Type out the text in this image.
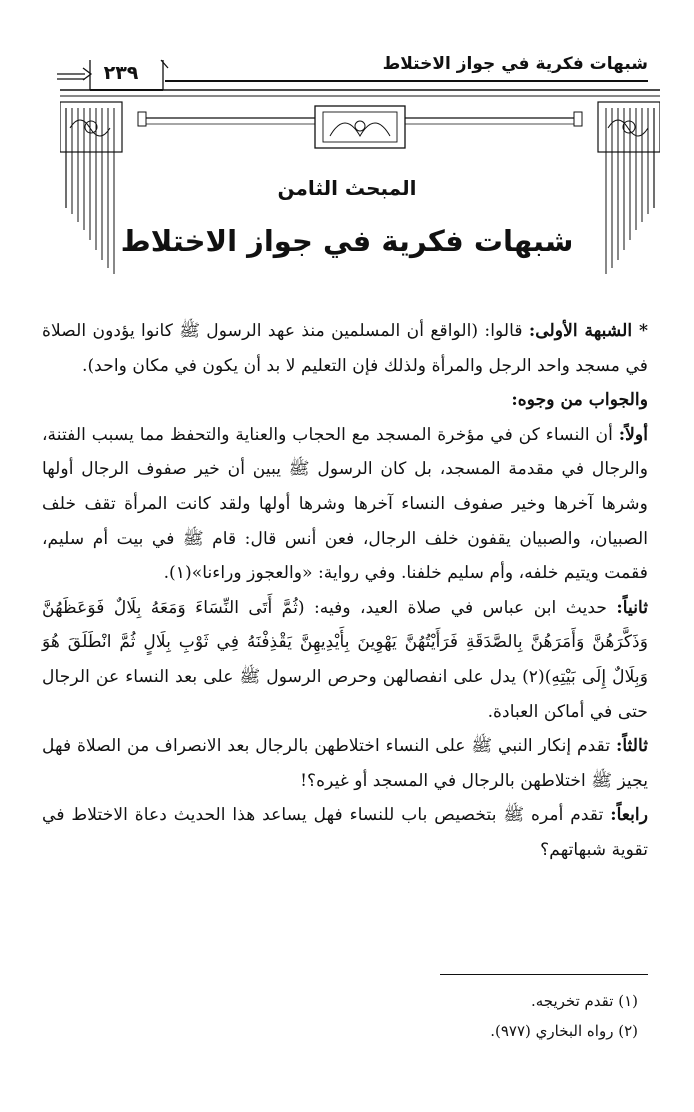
شبهات فكرية في جواز الاختلاط
٢٣٩
المبحث الثامن
شبهات فكرية في جواز الاختلاط

* الشبهة الأولى: قالوا: (الواقع أن المسلمين منذ عهد الرسول ﷺ كانوا يؤدون الصلاة في مسجد واحد الرجل والمرأة ولذلك فإن التعليم لا بد أن يكون في مكان واحد).

والجواب من وجوه:

أولاً: أن النساء كن في مؤخرة المسجد مع الحجاب والعناية والتحفظ مما يسبب الفتنة، والرجال في مقدمة المسجد، بل كان الرسول ﷺ يبين أن خير صفوف الرجال أولها وشرها آخرها وخير صفوف النساء آخرها وشرها أولها ولقد كانت المرأة تقف خلف الصبيان، والصبيان يقفون خلف الرجال، فعن أنس قال: قام ﷺ في بيت أم سليم، فقمت ويتيم خلفه، وأم سليم خلفنا. وفي رواية: «والعجوز وراءنا»(١).

ثانياً: حديث ابن عباس في صلاة العيد، وفيه: (ثُمَّ أَتَى النِّسَاءَ وَمَعَهُ بِلَالٌ فَوَعَظَهُنَّ وَذَكَّرَهُنَّ وَأَمَرَهُنَّ بِالصَّدَقَةِ فَرَأَيْتُهُنَّ يَهْوِينَ بِأَيْدِيهِنَّ يَقْذِفْنَهُ فِي ثَوْبِ بِلَالٍ ثُمَّ انْطَلَقَ هُوَ وَبِلَالٌ إِلَى بَيْتِهِ)(٢) يدل على انفصالهن وحرص الرسول ﷺ على بعد النساء عن الرجال حتى في أماكن العبادة.

ثالثاً: تقدم إنكار النبي ﷺ على النساء اختلاطهن بالرجال بعد الانصراف من الصلاة فهل يجيز ﷺ اختلاطهن بالرجال في المسجد أو غيره؟!

رابعاً: تقدم أمره ﷺ بتخصيص باب للنساء فهل يساعد هذا الحديث دعاة الاختلاط في تقوية شبهاتهم؟

(١) تقدم تخريجه.
(٢) رواه البخاري (٩٧٧).
